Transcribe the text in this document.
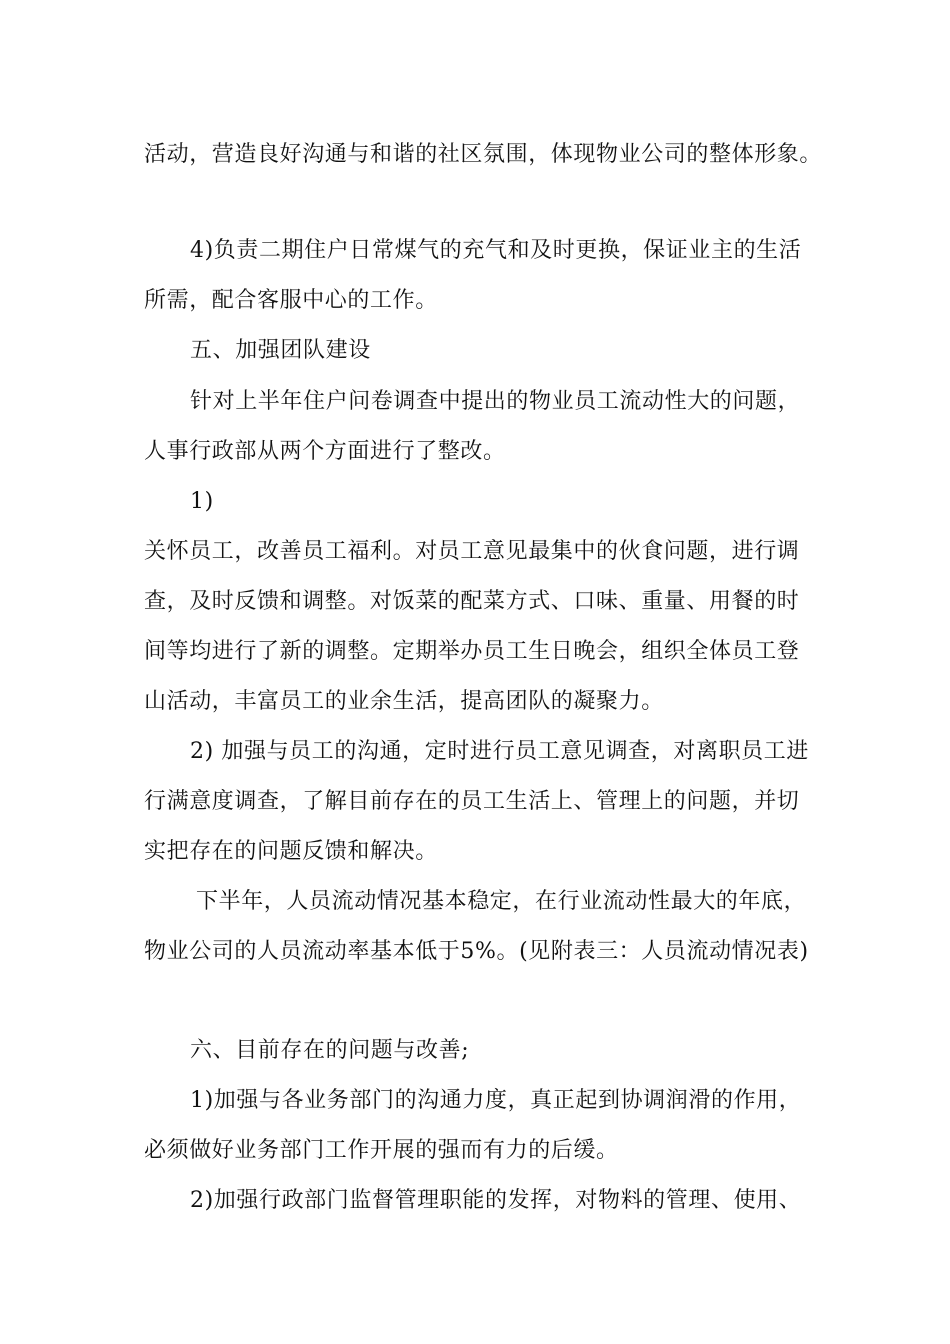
活动，营造良好沟通与和谐的社区氛围，体现物业公司的整体形象。
4)负责二期住户日常煤气的充气和及时更换，保证业主的生活
所需，配合客服中心的工作。
五、加强团队建设
针对上半年住户问卷调查中提出的物业员工流动性大的问题，
人事行政部从两个方面进行了整改。
1)
关怀员工，改善员工福利。对员工意见最集中的伙食问题，进行调
查，及时反馈和调整。对饭菜的配菜方式、口味、重量、用餐的时
间等均进行了新的调整。定期举办员工生日晚会，组织全体员工登
山活动，丰富员工的业余生活，提高团队的凝聚力。
2) 加强与员工的沟通，定时进行员工意见调查，对离职员工进
行满意度调查，了解目前存在的员工生活上、管理上的问题，并切
实把存在的问题反馈和解决。
下半年，人员流动情况基本稳定，在行业流动性最大的年底，
物业公司的人员流动率基本低于5%。(见附表三：人员流动情况表)
六、目前存在的问题与改善;
1)加强与各业务部门的沟通力度，真正起到协调润滑的作用，
必须做好业务部门工作开展的强而有力的后缓。
2)加强行政部门监督管理职能的发挥，对物料的管理、使用、
